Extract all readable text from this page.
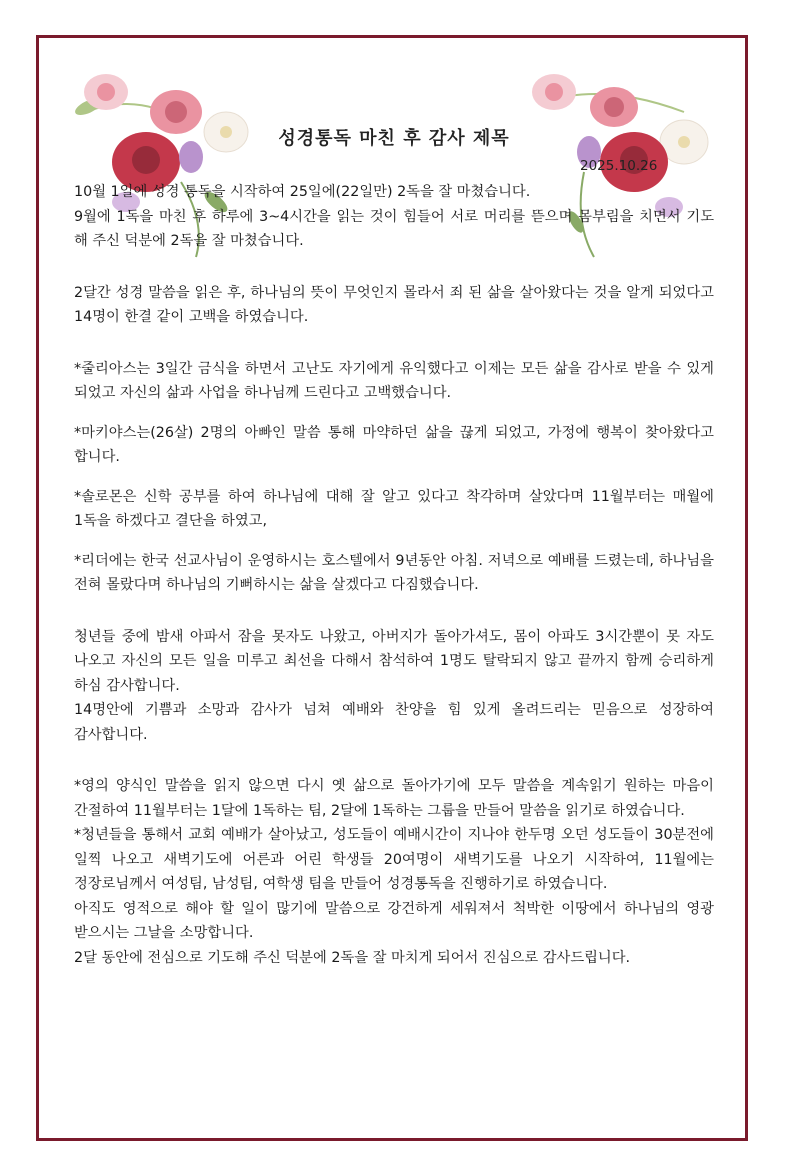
성경통독 마친 후 감사 제목
2025.10.26

10월 1일에 성경 통독을 시작하여 25일에(22일만) 2독을 잘 마쳤습니다.

9월에 1독을 마친 후 하루에 3~4시간을 읽는 것이 힘들어 서로 머리를 뜯으며 몸부림을 치면서 기도 해 주신 덕분에 2독을 잘 마쳤습니다.

2달간 성경 말씀을 읽은 후, 하나님의 뜻이 무엇인지 몰라서 죄 된 삶을 살아왔다는 것을 알게 되었다고 14명이 한결 같이 고백을 하였습니다.

*줄리아스는 3일간 금식을 하면서 고난도 자기에게 유익했다고 이제는 모든 삶을 감사로 받을 수 있게 되었고 자신의 삶과 사업을 하나님께 드린다고 고백했습니다.

*마키야스는(26살) 2명의 아빠인 말씀 통해 마약하던 삶을 끊게 되었고, 가정에 행복이 찾아왔다고 합니다.

*솔로몬은 신학 공부를 하여 하나님에 대해 잘 알고 있다고 착각하며 살았다며 11월부터는 매월에 1독을 하겠다고 결단을 하였고,

*리더에는 한국 선교사님이 운영하시는 호스텔에서 9년동안 아침. 저녁으로 예배를 드렸는데, 하나님을 전혀 몰랐다며 하나님의 기뻐하시는 삶을 살겠다고 다짐했습니다.

청년들 중에 밤새 아파서 잠을 못자도 나왔고, 아버지가 돌아가셔도, 몸이 아파도 3시간뿐이 못 자도 나오고 자신의 모든 일을 미루고 최선을 다해서 참석하여 1명도 탈락되지 않고 끝까지 함께 승리하게 하심 감사합니다.

14명안에 기쁨과 소망과 감사가 넘쳐 예배와 찬양을 힘 있게 올려드리는 믿음으로 성장하여 감사합니다.

*영의 양식인 말씀을 읽지 않으면 다시 옛 삶으로 돌아가기에 모두 말씀을 계속읽기 원하는 마음이 간절하여 11월부터는 1달에 1독하는 팀, 2달에 1독하는 그룹을 만들어 말씀을 읽기로 하였습니다.

*청년들을 통해서 교회 예배가 살아났고, 성도들이 예배시간이 지나야 한두명 오던 성도들이 30분전에 일찍 나오고 새벽기도에 어른과 어린 학생들 20여명이 새벽기도를 나오기 시작하여, 11월에는 정장로님께서 여성팀, 남성팀, 여학생 팀을 만들어 성경통독을 진행하기로 하였습니다.

아직도 영적으로 해야 할 일이 많기에 말씀으로 강건하게 세워져서 척박한 이땅에서 하나님의 영광 받으시는 그날을 소망합니다.

2달 동안에 전심으로 기도해 주신 덕분에 2독을 잘 마치게 되어서 진심으로 감사드립니다.
